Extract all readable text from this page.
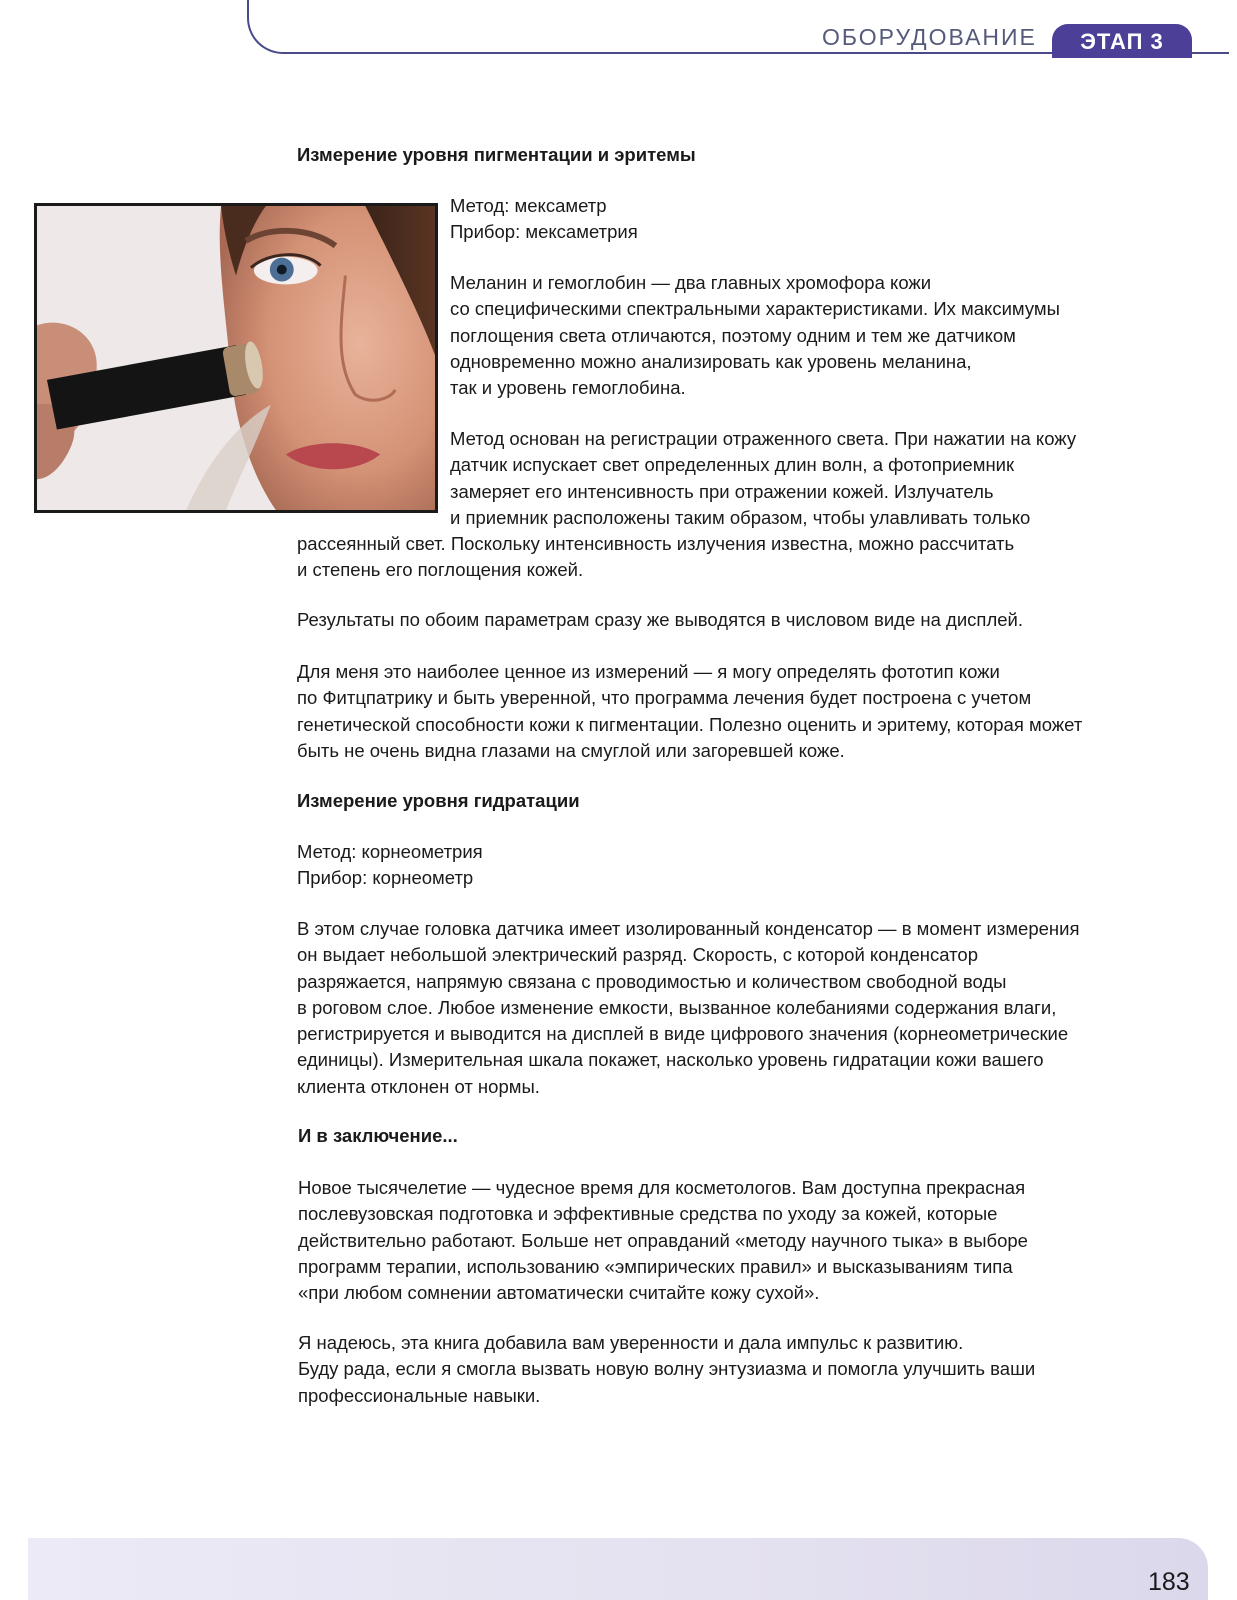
ОБОРУДОВАНИЕ	ЭТАП 3

Измерение уровня пигментации и эритемы

Метод: мексаметр
Прибор: мексаметрия
Меланин и гемоглобин — два главных хромофора кожи
со специфическими спектральными характеристиками. Их максимумы
поглощения света отличаются, поэтому одним и тем же датчиком
одновременно можно анализировать как уровень меланина,
так и уровень гемоглобина.
Метод основан на регистрации отраженного света. При нажатии на кожу
датчик испускает свет определенных длин волн, а фотоприемник
замеряет его интенсивность при отражении кожей. Излучатель
и приемник расположены таким образом, чтобы улавливать только
рассеянный свет. Поскольку интенсивность излучения известна, можно рассчитать
и степень его поглощения кожей.
Результаты по обоим параметрам сразу же выводятся в числовом виде на дисплей.
Для меня это наиболее ценное из измерений — я могу определять фототип кожи
по Фитцпатрику и быть уверенной, что программа лечения будет построена с учетом
генетической способности кожи к пигментации. Полезно оценить и эритему, которая может
быть не очень видна глазами на смуглой или загоревшей коже.

Измерение уровня гидратации

Метод: корнеометрия
Прибор: корнеометр
В этом случае головка датчика имеет изолированный конденсатор — в момент измерения
он выдает небольшой электрический разряд. Скорость, с которой конденсатор
разряжается, напрямую связана с проводимостью и количеством свободной воды
в роговом слое. Любое изменение емкости, вызванное колебаниями содержания влаги,
регистрируется и выводится на дисплей в виде цифрового значения (корнеометрические
единицы). Измерительная шкала покажет, насколько уровень гидратации кожи вашего
клиента отклонен от нормы.

И в заключение...

Новое тысячелетие — чудесное время для косметологов. Вам доступна прекрасная
послевузовская подготовка и эффективные средства по уходу за кожей, которые
действительно работают. Больше нет оправданий «методу научного тыка» в выборе
программ терапии, использованию «эмпирических правил» и высказываниям типа
«при любом сомнении автоматически считайте кожу сухой».
Я надеюсь, эта книга добавила вам уверенности и дала импульс к развитию.
Буду рада, если я смогла вызвать новую волну энтузиазма и помогла улучшить ваши
профессиональные навыки.
183
